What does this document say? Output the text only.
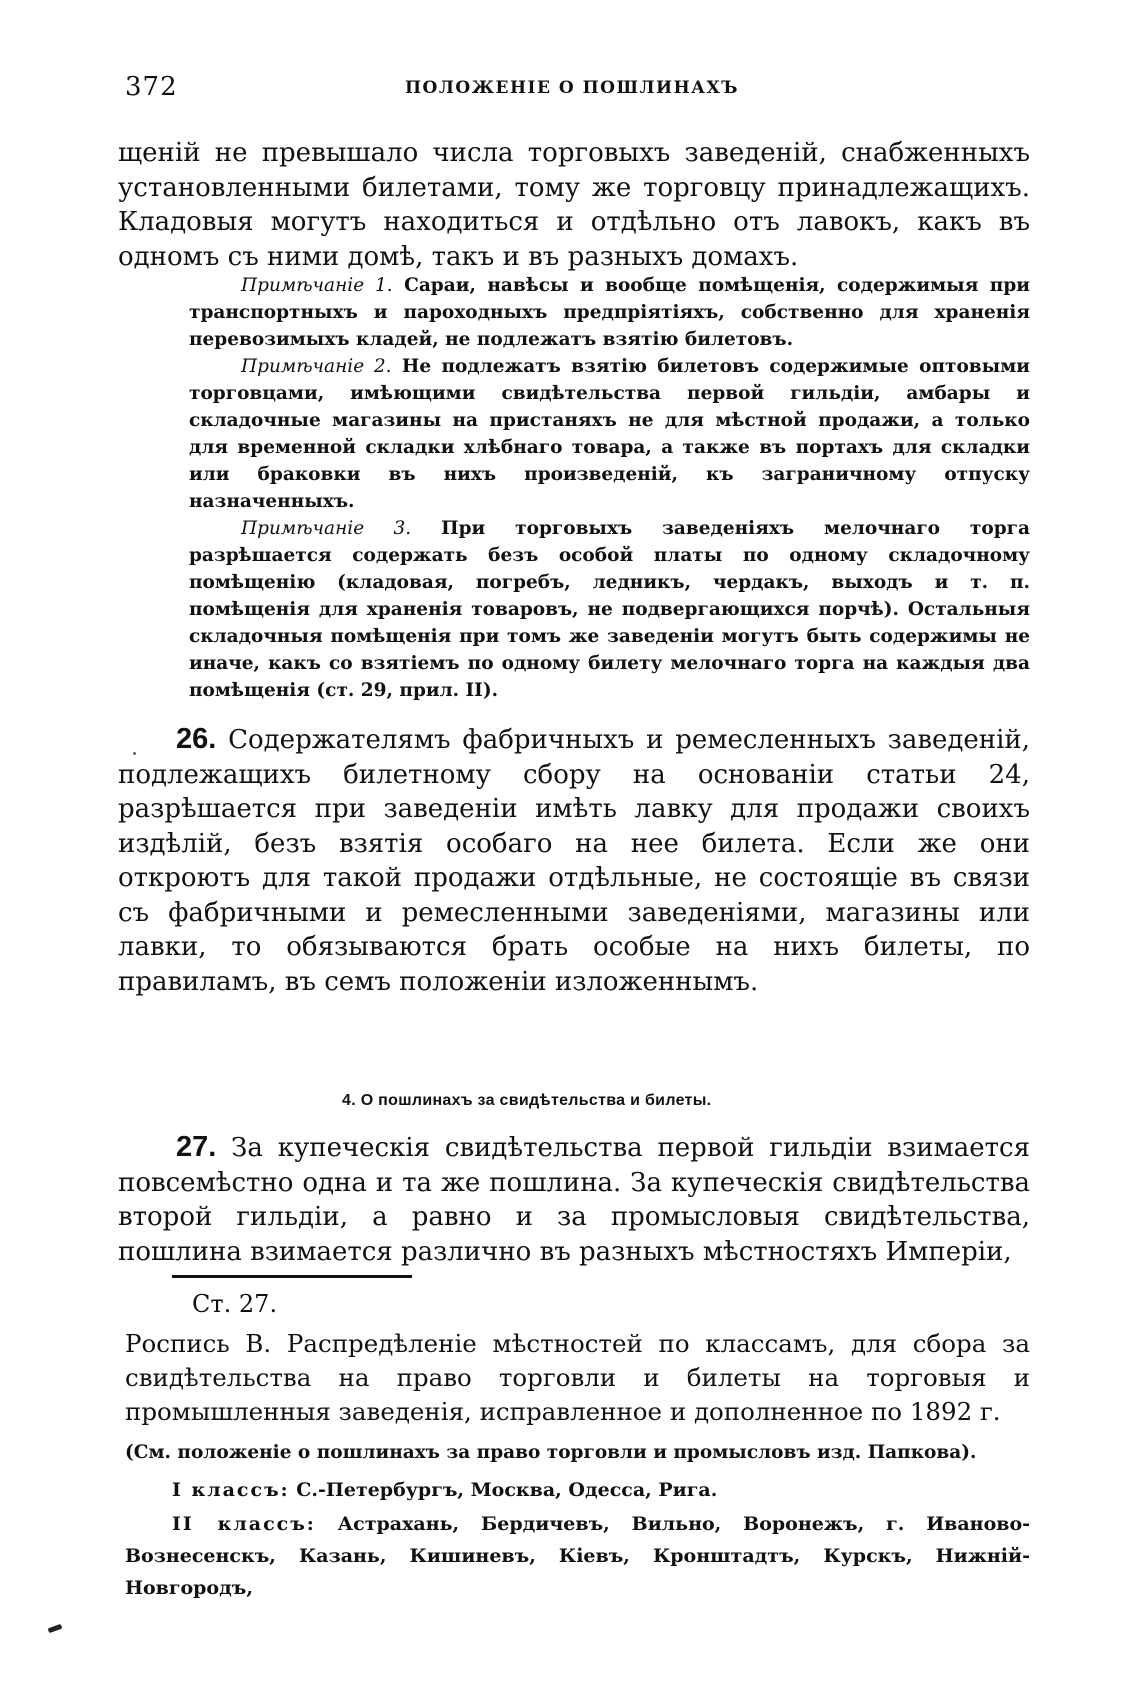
372	ПОЛОЖЕНІЕ О ПОШЛИНАХЪ
щеній не превышало числа торговыхъ заведеній, снабженныхъ установленными билетами, тому же торговцу принадлежащихъ. Кладовыя могутъ находиться и отдѣльно отъ лавокъ, какъ въ одномъ съ ними домѣ, такъ и въ разныхъ домахъ.
Примѣчаніе 1. Сараи, навѣсы и вообще помѣщенія, содержимыя при транспортныхъ и пароходныхъ предпріятіяхъ, собственно для храненія перевозимыхъ кладей, не подлежатъ взятію билетовъ.
Примѣчаніе 2. Не подлежатъ взятію билетовъ содержимые оптовыми торговцами, имѣющими свидѣтельства первой гильдіи, амбары и складочные магазины на пристаняхъ не для мѣстной продажи, а только для временной складки хлѣбнаго товара, а также въ портахъ для складки или браковки въ нихъ произведеній, къ заграничному отпуску назначенныхъ.
Примѣчаніе 3. При торговыхъ заведеніяхъ мелочнаго торга разрѣшается содержать безъ особой платы по одному складочному помѣщенію (кладовая, погребъ, ледникъ, чердакъ, выходъ и т. п. помѣщенія для храненія товаровъ, не подвергающихся порчѣ). Остальныя складочныя помѣщенія при томъ же заведеніи могутъ быть содержимы не иначе, какъ со взятіемъ по одному билету мелочнаго торга на каждыя два помѣщенія (ст. 29, прил. II).
26. Содержателямъ фабричныхъ и ремесленныхъ заведеній, подлежащихъ билетному сбору на основаніи статьи 24, разрѣшается при заведеніи имѣть лавку для продажи своихъ издѣлій, безъ взятія особаго на нее билета. Если же они откроютъ для такой продажи отдѣльные, не состоящіе въ связи съ фабричными и ремесленными заведеніями, магазины или лавки, то обязываются брать особые на нихъ билеты, по правиламъ, въ семъ положеніи изложеннымъ.
4. О пошлинахъ за свидѣтельства и билеты.
27. За купеческія свидѣтельства первой гильдіи взимается повсемѣстно одна и та же пошлина. За купеческія свидѣтельства второй гильдіи, а равно и за промысловыя свидѣтельства, пошлина взимается различно въ разныхъ мѣстностяхъ Имперіи,
Ст. 27.
Роспись В. Распредѣленіе мѣстностей по классамъ, для сбора за свидѣтельства на право торговли и билеты на торговыя и промышленныя заведенія, исправленное и дополненное по 1892 г.
(См. положеніе о пошлинахъ за право торговли и промысловъ изд. Папкова).
I классъ: С.-Петербургъ, Москва, Одесса, Рига.
II классъ: Астрахань, Бердичевъ, Вильно, Воронежъ, г. Иваново-Вознесенскъ, Казань, Кишиневъ, Кіевъ, Кронштадтъ, Курскъ, Нижній-Новгородъ,
